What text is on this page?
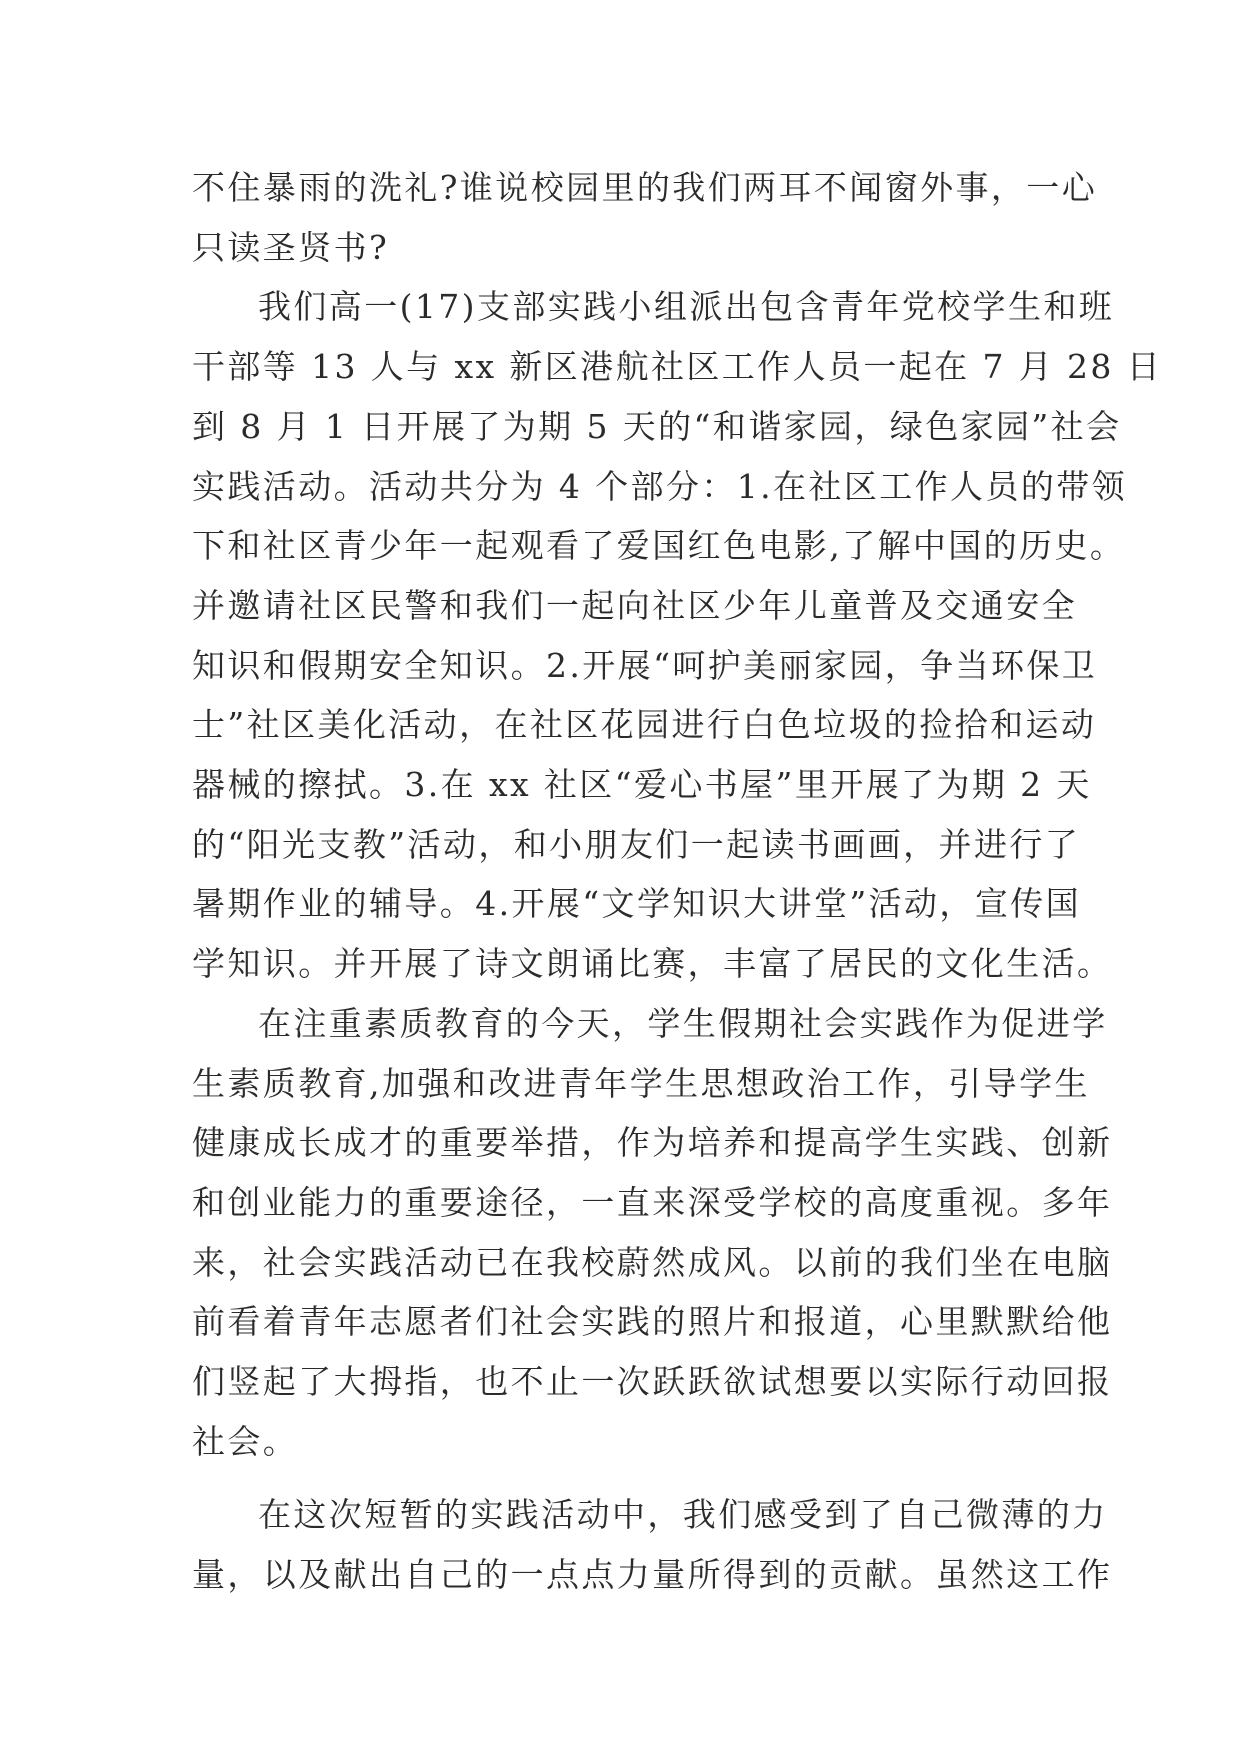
不住暴雨的洗礼?谁说校园里的我们两耳不闻窗外事，一心
只读圣贤书?

我们高一(17)支部实践小组派出包含青年党校学生和班
干部等 13 人与 xx 新区港航社区工作人员一起在 7 月 28 日
到 8 月 1 日开展了为期 5 天的“和谐家园，绿色家园”社会
实践活动。活动共分为 4 个部分：1.在社区工作人员的带领
下和社区青少年一起观看了爱国红色电影,了解中国的历史。
并邀请社区民警和我们一起向社区少年儿童普及交通安全
知识和假期安全知识。2.开展“呵护美丽家园，争当环保卫
士”社区美化活动，在社区花园进行白色垃圾的捡拾和运动
器械的擦拭。3.在 xx 社区“爱心书屋”里开展了为期 2 天
的“阳光支教”活动，和小朋友们一起读书画画，并进行了
暑期作业的辅导。4.开展“文学知识大讲堂”活动，宣传国
学知识。并开展了诗文朗诵比赛，丰富了居民的文化生活。

在注重素质教育的今天，学生假期社会实践作为促进学
生素质教育,加强和改进青年学生思想政治工作，引导学生
健康成长成才的重要举措，作为培养和提高学生实践、创新
和创业能力的重要途径，一直来深受学校的高度重视。多年
来，社会实践活动已在我校蔚然成风。以前的我们坐在电脑
前看着青年志愿者们社会实践的照片和报道，心里默默给他
们竖起了大拇指，也不止一次跃跃欲试想要以实际行动回报
社会。

在这次短暂的实践活动中，我们感受到了自己微薄的力
量，以及献出自己的一点点力量所得到的贡献。虽然这工作
